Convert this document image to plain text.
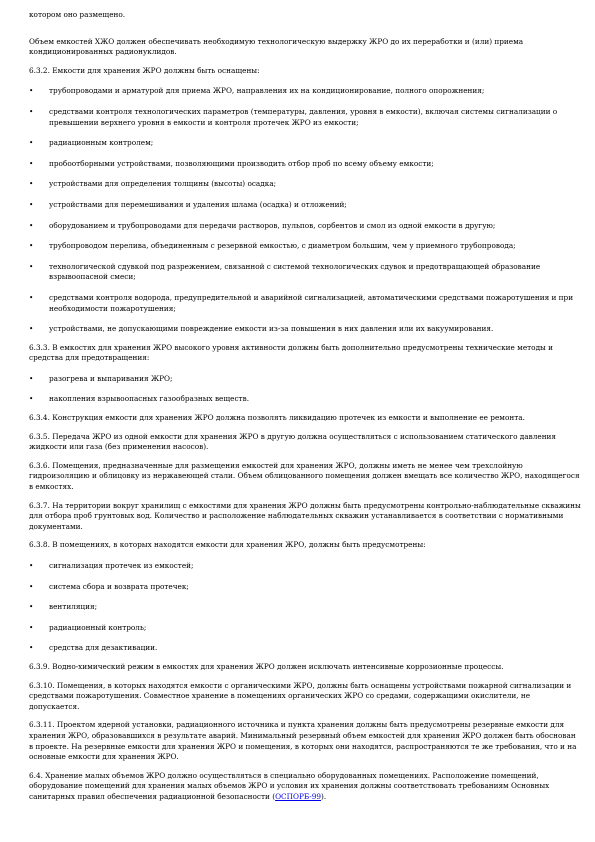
котором оно размещено.

Объем емкостей ХЖО должен обеспечивать необходимую технологическую выдержку ЖРО до их переработки и (или) приема кондиционированных радионуклидов.

6.3.2. Емкости для хранения ЖРО должны быть оснащены:

•	трубопроводами и арматурой для приема ЖРО, направления их на кондиционирование, полного опорожнения;
•	средствами контроля технологических параметров (температуры, давления, уровня в емкости), включая системы сигнализации о превышении верхнего уровня в емкости и контроля протечек ЖРО из емкости;
•	радиационным контролем;
•	пробоотборными устройствами, позволяющими производить отбор проб по всему объему емкости;
•	устройствами для определения толщины (высоты) осадка;
•	устройствами для перемешивания и удаления шлама (осадка) и отложений;
•	оборудованием и трубопроводами для передачи растворов, пульпов, сорбентов и смол из одной емкости в другую;
•	трубопроводом перелива, объединенным с резервной емкостью, с диаметром большим, чем у приемного трубопровода;
•	технологической сдувкой под разрежением, связанной с системой технологических сдувок и предотвращающей образование взрывоопасной смеси;
•	средствами контроля водорода, предупредительной и аварийной сигнализацией, автоматическими средствами пожаротушения и при необходимости пожаротушения;
•	устройствами, не допускающими повреждение емкости из-за повышения в них давления или их вакуумирования.

6.3.3. В емкостях для хранения ЖРО высокого уровня активности должны быть дополнительно предусмотрены технические методы и средства для предотвращения:

•	разогрева и выпаривания ЖРО;
•	накопления взрывоопасных газообразных веществ.

6.3.4. Конструкция емкости для хранения ЖРО должна позволять ликвидацию протечек из емкости и выполнение ее ремонта.

6.3.5. Передача ЖРО из одной емкости для хранения ЖРО в другую должна осуществляться с использованием статического давления жидкости или газа (без применения насосов).

6.3.6. Помещения, предназначенные для размещения емкостей для хранения ЖРО, должны иметь не менее чем трехслойную гидроизоляцию и облицовку из нержавеющей стали. Объем облицованного помещения должен вмещать все количество ЖРО, находящегося в емкостях.

6.3.7. На территории вокруг хранилищ с емкостями для хранения ЖРО должны быть предусмотрены контрольно-наблюдательные скважины для отбора проб грунтовых вод. Количество и расположение наблюдательных скважин устанавливается в соответствии с нормативными документами.

6.3.8. В помещениях, в которых находятся емкости для хранения ЖРО, должны быть предусмотрены:

•	сигнализация протечек из емкостей;
•	система сбора и возврата протечек;
•	вентиляция;
•	радиационный контроль;
•	средства для дезактивации.

6.3.9. Водно-химический режим в емкостях для хранения ЖРО должен исключать интенсивные коррозионные процессы.

6.3.10. Помещения, в которых находятся емкости с органическими ЖРО, должны быть оснащены устройствами пожарной сигнализации и средствами пожаротушения. Совместное хранение в помещениях органических ЖРО со средами, содержащими окислители, не допускается.

6.3.11. Проектом ядерной установки, радиационного источника и пункта хранения должны быть предусмотрены резервные емкости для хранения ЖРО, образовавшихся в результате аварий. Минимальный резервный объем емкостей для хранения ЖРО должен быть обоснован в проекте. На резервные емкости для хранения ЖРО и помещения, в которых они находятся, распространяются те же требования, что и на основные емкости для хранения ЖРО.

6.4. Хранение малых объемов ЖРО должно осуществляться в специально оборудованных помещениях. Расположение помещений, оборудование помещений для хранения малых объемов ЖРО и условия их хранения должны соответствовать требованиям Основных санитарных правил обеспечения радиационной безопасности (ОСПОРБ-99).
